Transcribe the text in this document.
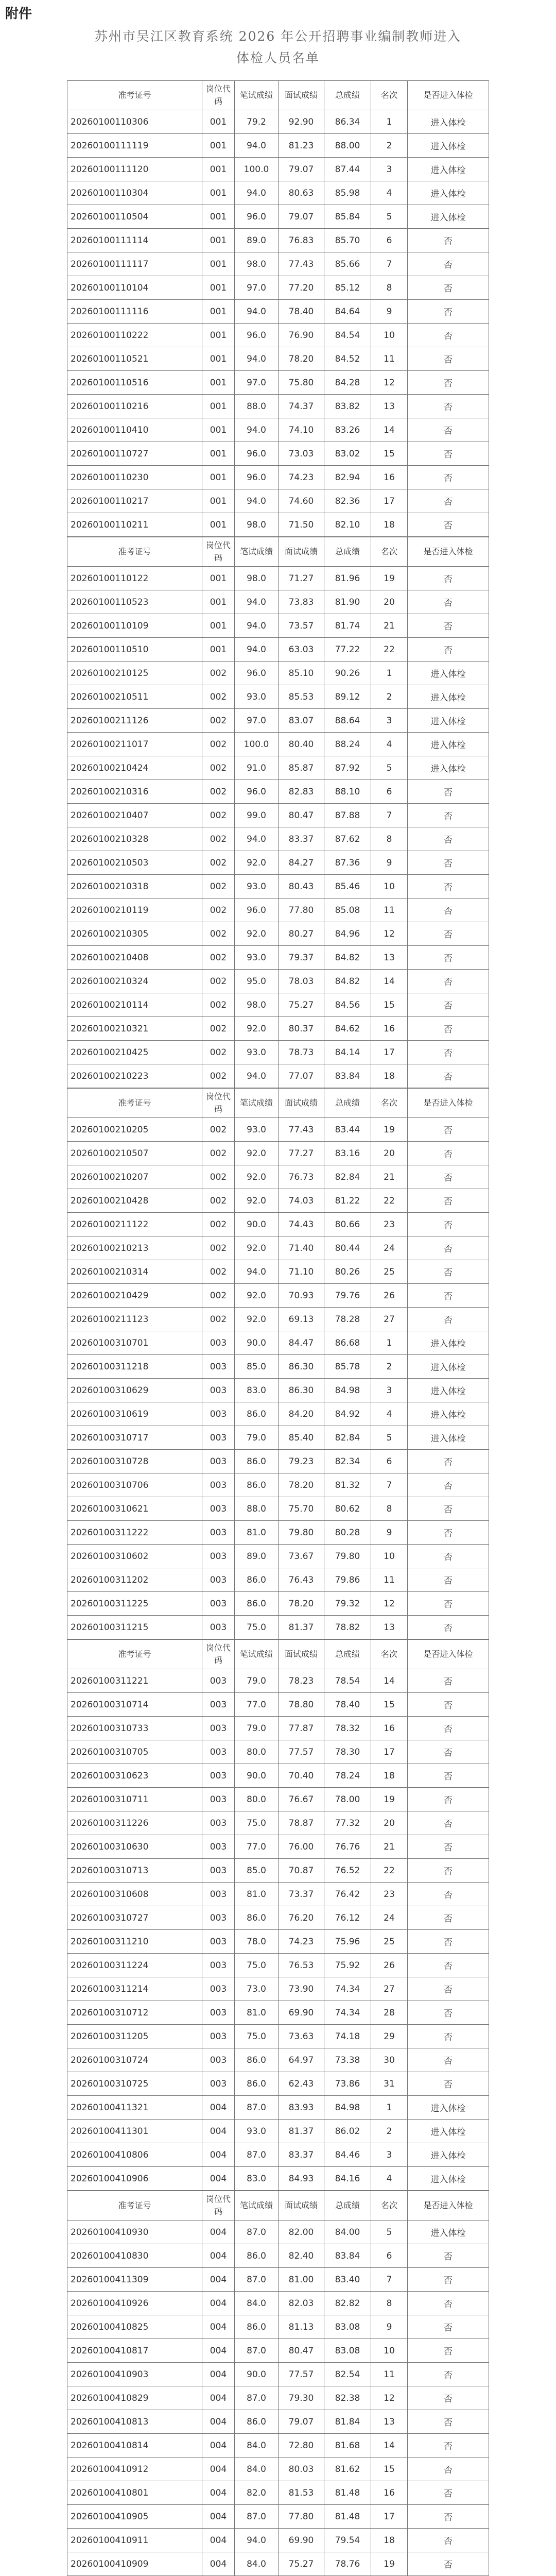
附件
苏州市吴江区教育系统 2026 年公开招聘事业编制教师进入
体检人员名单
准考证号	岗位代码	笔试成绩	面试成绩	总成绩	名次	是否进入体检
20260100110306	001	79.2	92.90	86.34	1	进入体检
20260100111119	001	94.0	81.23	88.00	2	进入体检
20260100111120	001	100.0	79.07	87.44	3	进入体检
20260100110304	001	94.0	80.63	85.98	4	进入体检
20260100110504	001	96.0	79.07	85.84	5	进入体检
20260100111114	001	89.0	76.83	85.70	6	否
20260100111117	001	98.0	77.43	85.66	7	否
20260100110104	001	97.0	77.20	85.12	8	否
20260100111116	001	94.0	78.40	84.64	9	否
20260100110222	001	96.0	76.90	84.54	10	否
20260100110521	001	94.0	78.20	84.52	11	否
20260100110516	001	97.0	75.80	84.28	12	否
20260100110216	001	88.0	74.37	83.82	13	否
20260100110410	001	94.0	74.10	83.26	14	否
20260100110727	001	96.0	73.03	83.02	15	否
20260100110230	001	96.0	74.23	82.94	16	否
20260100110217	001	94.0	74.60	82.36	17	否
20260100110211	001	98.0	71.50	82.10	18	否
准考证号	岗位代码	笔试成绩	面试成绩	总成绩	名次	是否进入体检
20260100110122	001	98.0	71.27	81.96	19	否
20260100110523	001	94.0	73.83	81.90	20	否
20260100110109	001	94.0	73.57	81.74	21	否
20260100110510	001	94.0	63.03	77.22	22	否
20260100210125	002	96.0	85.10	90.26	1	进入体检
20260100210511	002	93.0	85.53	89.12	2	进入体检
20260100211126	002	97.0	83.07	88.64	3	进入体检
20260100211017	002	100.0	80.40	88.24	4	进入体检
20260100210424	002	91.0	85.87	87.92	5	进入体检
20260100210316	002	96.0	82.83	88.10	6	否
20260100210407	002	99.0	80.47	87.88	7	否
20260100210328	002	94.0	83.37	87.62	8	否
20260100210503	002	92.0	84.27	87.36	9	否
20260100210318	002	93.0	80.43	85.46	10	否
20260100210119	002	96.0	77.80	85.08	11	否
20260100210305	002	92.0	80.27	84.96	12	否
20260100210408	002	93.0	79.37	84.82	13	否
20260100210324	002	95.0	78.03	84.82	14	否
20260100210114	002	98.0	75.27	84.56	15	否
20260100210321	002	92.0	80.37	84.62	16	否
20260100210425	002	93.0	78.73	84.14	17	否
20260100210223	002	94.0	77.07	83.84	18	否
准考证号	岗位代码	笔试成绩	面试成绩	总成绩	名次	是否进入体检
20260100210205	002	93.0	77.43	83.44	19	否
20260100210507	002	92.0	77.27	83.16	20	否
20260100210207	002	92.0	76.73	82.84	21	否
20260100210428	002	92.0	74.03	81.22	22	否
20260100211122	002	90.0	74.43	80.66	23	否
20260100210213	002	92.0	71.40	80.44	24	否
20260100210314	002	94.0	71.10	80.26	25	否
20260100210429	002	92.0	70.93	79.76	26	否
20260100211123	002	92.0	69.13	78.28	27	否
20260100310701	003	90.0	84.47	86.68	1	进入体检
20260100311218	003	85.0	86.30	85.78	2	进入体检
20260100310629	003	83.0	86.30	84.98	3	进入体检
20260100310619	003	86.0	84.20	84.92	4	进入体检
20260100310717	003	79.0	85.40	82.84	5	进入体检
20260100310728	003	86.0	79.23	82.34	6	否
20260100310706	003	86.0	78.20	81.32	7	否
20260100310621	003	88.0	75.70	80.62	8	否
20260100311222	003	81.0	79.80	80.28	9	否
20260100310602	003	89.0	73.67	79.80	10	否
20260100311202	003	86.0	76.43	79.86	11	否
20260100311225	003	86.0	78.20	79.32	12	否
20260100311215	003	75.0	81.37	78.82	13	否
准考证号	岗位代码	笔试成绩	面试成绩	总成绩	名次	是否进入体检
20260100311221	003	79.0	78.23	78.54	14	否
20260100310714	003	77.0	78.80	78.40	15	否
20260100310733	003	79.0	77.87	78.32	16	否
20260100310705	003	80.0	77.57	78.30	17	否
20260100310623	003	90.0	70.40	78.24	18	否
20260100310711	003	80.0	76.67	78.00	19	否
20260100311226	003	75.0	78.87	77.32	20	否
20260100310630	003	77.0	76.00	76.76	21	否
20260100310713	003	85.0	70.87	76.52	22	否
20260100310608	003	81.0	73.37	76.42	23	否
20260100310727	003	86.0	76.20	76.12	24	否
20260100311210	003	78.0	74.23	75.96	25	否
20260100311224	003	75.0	76.53	75.92	26	否
20260100311214	003	73.0	73.90	74.34	27	否
20260100310712	003	81.0	69.90	74.34	28	否
20260100311205	003	75.0	73.63	74.18	29	否
20260100310724	003	86.0	64.97	73.38	30	否
20260100310725	003	86.0	62.43	73.86	31	否
20260100411321	004	87.0	83.93	84.98	1	进入体检
20260100411301	004	93.0	81.37	86.02	2	进入体检
20260100410806	004	87.0	83.37	84.46	3	进入体检
20260100410906	004	83.0	84.93	84.16	4	进入体检
准考证号	岗位代码	笔试成绩	面试成绩	总成绩	名次	是否进入体检
20260100410930	004	87.0	82.00	84.00	5	进入体检
20260100410830	004	86.0	82.40	83.84	6	否
20260100411309	004	87.0	81.00	83.40	7	否
20260100410926	004	84.0	82.03	82.82	8	否
20260100410825	004	86.0	81.13	83.08	9	否
20260100410817	004	87.0	80.47	83.08	10	否
20260100410903	004	90.0	77.57	82.54	11	否
20260100410829	004	87.0	79.30	82.38	12	否
20260100410813	004	86.0	79.07	81.84	13	否
20260100410814	004	84.0	72.80	81.68	14	否
20260100410912	004	84.0	80.03	81.62	15	否
20260100410801	004	82.0	81.53	81.48	16	否
20260100410905	004	87.0	77.80	81.48	17	否
20260100410911	004	94.0	69.90	79.54	18	否
20260100410909	004	84.0	75.27	78.76	19	否
